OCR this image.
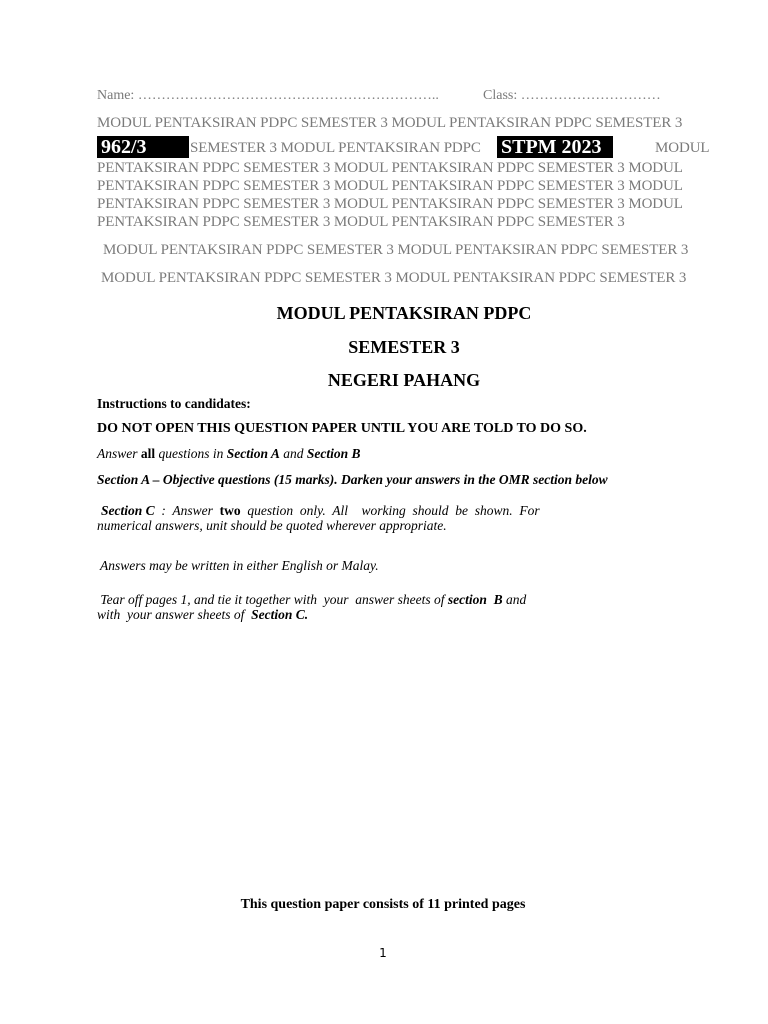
Name: ………………………………………………………..	Class: …………………………
MODUL PENTAKSIRAN PDPC SEMESTER 3 MODUL PENTAKSIRAN PDPC SEMESTER 3
962/3	SEMESTER 3 MODUL PENTAKSIRAN PDPC STPM 2023	MODUL
PENTAKSIRAN PDPC SEMESTER 3 MODUL PENTAKSIRAN PDPC SEMESTER 3 MODUL
PENTAKSIRAN PDPC SEMESTER 3 MODUL PENTAKSIRAN PDPC SEMESTER 3 MODUL
PENTAKSIRAN PDPC SEMESTER 3 MODUL PENTAKSIRAN PDPC SEMESTER 3 MODUL
PENTAKSIRAN PDPC SEMESTER 3 MODUL PENTAKSIRAN PDPC SEMESTER 3
MODUL PENTAKSIRAN PDPC SEMESTER 3 MODUL PENTAKSIRAN PDPC SEMESTER 3
MODUL PENTAKSIRAN PDPC SEMESTER 3 MODUL PENTAKSIRAN PDPC SEMESTER 3
MODUL PENTAKSIRAN PDPC
SEMESTER 3
NEGERI PAHANG
Instructions to candidates:
DO NOT OPEN THIS QUESTION PAPER UNTIL YOU ARE TOLD TO DO SO.
Answer all questions in Section A and Section B
Section A – Objective questions (15 marks). Darken your answers in the OMR section below
Section C  :  Answer  two  question  only.  All    working  should  be  shown.  For
numerical answers, unit should be quoted wherever appropriate.
Answers may be written in either English or Malay.
Tear off pages 1, and tie it together with  your  answer sheets of section  B and
with  your answer sheets of  Section C.
This question paper consists of 11 printed pages
1
